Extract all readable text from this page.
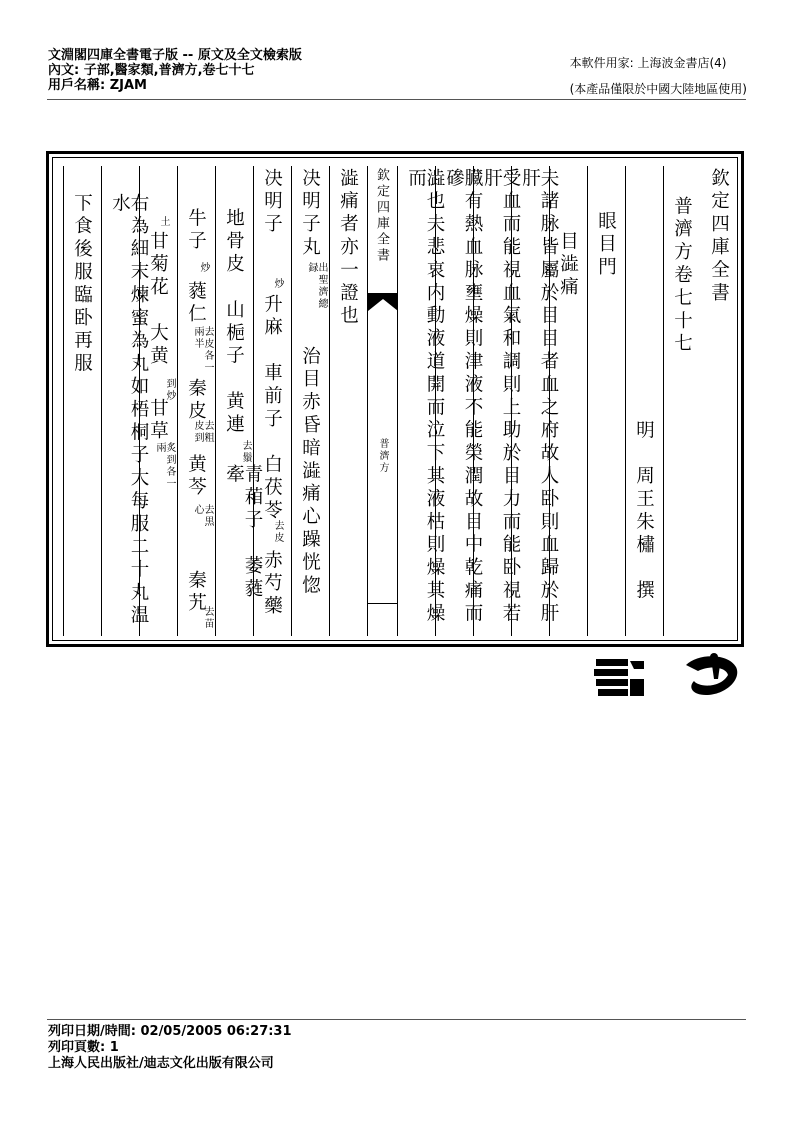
文淵閣四庫全書電子版 -- 原文及全文檢索版
內文: 子部,醫家類,普濟方,卷七十七
用戶名稱: ZJAM
本軟件用家: 上海波金書店(4)
(本產品僅限於中國大陸地區使用)
欽定四庫全書
普濟方卷七十七
明　周王朱橚　撰
眼目門
目澁痛
夫諸脉皆屬於目目者血之府故人卧則血歸於肝肝
受血而能視血氣和調則上助於目力而能卧視若肝
臓有熱血脉壅燥則津液不能榮潤故目中乾痛而磣
澁也夫悲哀内動液道開而泣下其液枯則燥其燥而
欽定四庫全書
普濟方
澁痛者亦一證也
决明子丸
出聖濟總録
治目赤昏暗澁痛心躁恍惚
决明子
炒
升麻　車前子　白茯苓
去皮
赤芍藥
地骨皮　山梔子　黄連
去鬚
青葙子　萎蕤　牽
牛子
炒
蕤仁
去皮各一兩半
秦皮
去粗皮到
黄芩
去黒心
秦艽
去苗
土
甘菊花　大黄
到炒
甘草
炙到各一兩
右為細末煉蜜為丸如梧桐子大每服二十丸温水
下食後服臨卧再服
列印日期/時間: 02/05/2005 06:27:31
列印頁數: 1
上海人民出版社/迪志文化出版有限公司
